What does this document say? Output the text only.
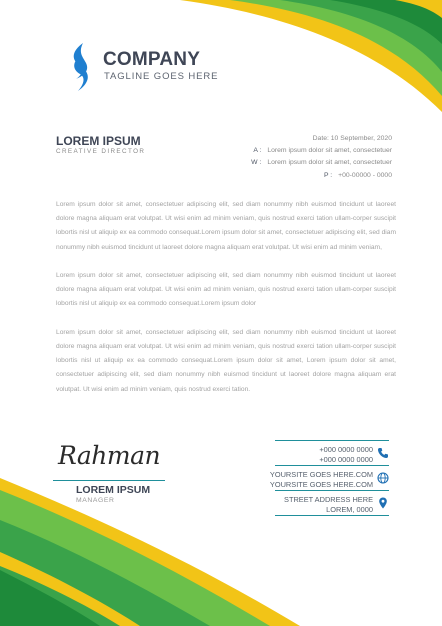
COMPANY
TAGLINE GOES HERE
LOREM IPSUM
CREATIVE DIRECTOR
Date: 10 September, 2020
A : Lorem ipsum dolor sit amet, consectetuer
W : Lorem ipsum dolor sit amet, consectetuer
P : +00-00000 - 0000

Lorem ipsum dolor sit amet, consectetuer adipiscing elit, sed diam nonummy nibh euismod tincidunt ut laoreet dolore magna aliquam erat volutpat. Ut wisi enim ad minim veniam, quis nostrud exerci tation ullam-corper suscipit lobortis nisl ut aliquip ex ea commodo consequat.Lorem ipsum dolor sit amet, consectetuer adipiscing elit, sed diam nonummy nibh euismod tincidunt ut laoreet dolore magna aliquam erat volutpat. Ut wisi enim ad minim veniam,

Lorem ipsum dolor sit amet, consectetuer adipiscing elit, sed diam nonummy nibh euismod tincidunt ut laoreet dolore magna aliquam erat volutpat. Ut wisi enim ad minim veniam, quis nostrud exerci tation ullam-corper suscipit lobortis nisl ut aliquip ex ea commodo consequat.Lorem ipsum dolor

Lorem ipsum dolor sit amet, consectetuer adipiscing elit, sed diam nonummy nibh euismod tincidunt ut laoreet dolore magna aliquam erat volutpat. Ut wisi enim ad minim veniam, quis nostrud exerci tation ullam-corper suscipit lobortis nisl ut aliquip ex ea commodo consequat.Lorem ipsum dolor sit amet, Lorem ipsum dolor sit amet, consectetuer adipiscing elit, sed diam nonummy nibh euismod tincidunt ut laoreet dolore magna aliquam erat volutpat. Ut wisi enim ad minim veniam, quis nostrud exerci tation.

Rahman
LOREM IPSUM
MANAGER
+000 0000 0000
+000 0000 0000
YOURSITE GOES HERE.COM
YOURSITE GOES HERE.COM
STREET ADDRESS HERE
LOREM, 0000
